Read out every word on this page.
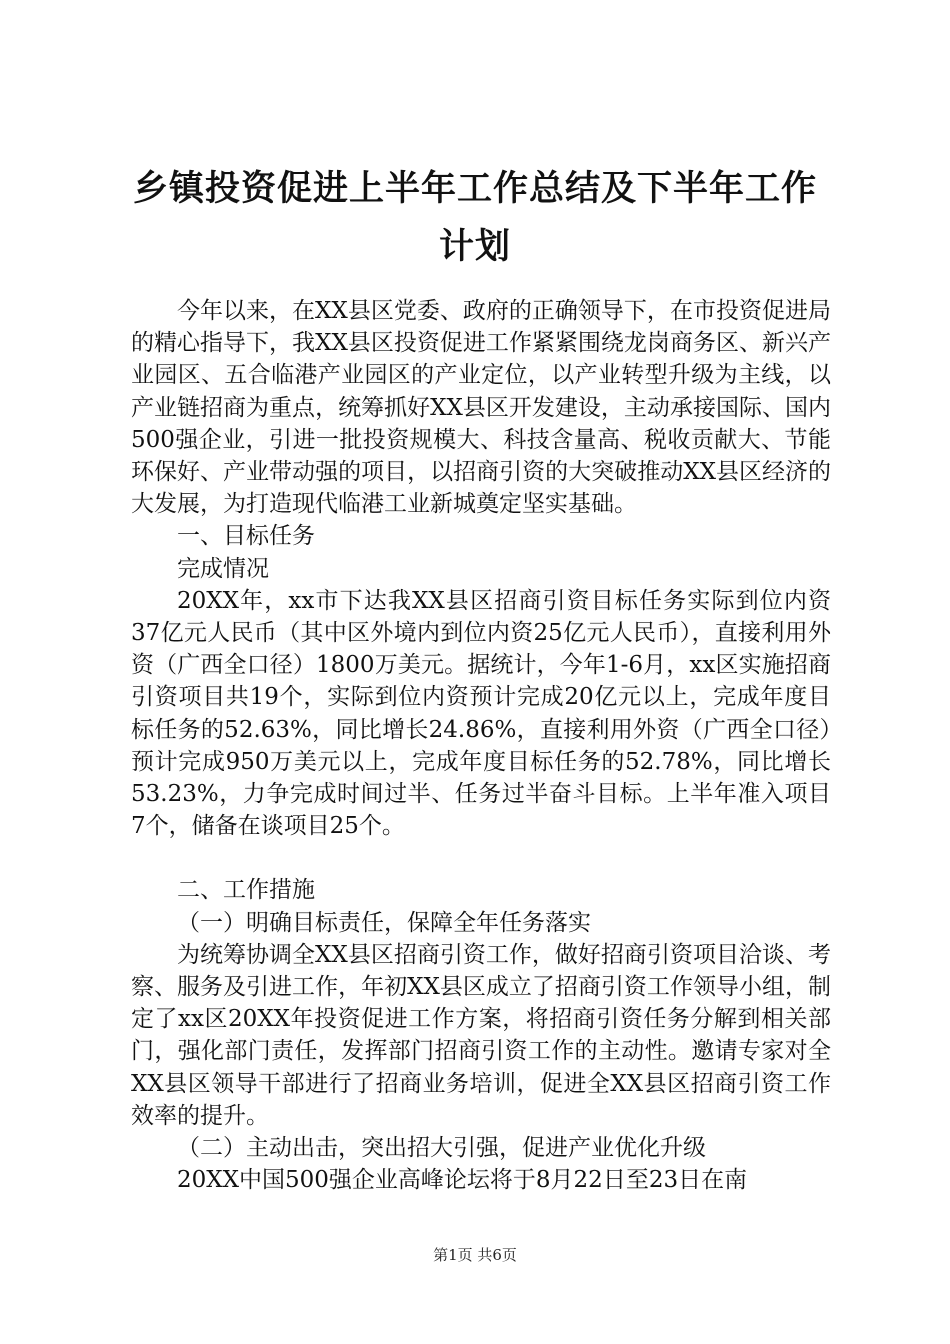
乡镇投资促进上半年工作总结及下半年工作计划

今年以来，在XX县区党委、政府的正确领导下，在市投资促进局的精心指导下，我XX县区投资促进工作紧紧围绕龙岗商务区、新兴产业园区、五合临港产业园区的产业定位，以产业转型升级为主线，以产业链招商为重点，统筹抓好XX县区开发建设，主动承接国际、国内500强企业，引进一批投资规模大、科技含量高、税收贡献大、节能环保好、产业带动强的项目，以招商引资的大突破推动XX县区经济的大发展，为打造现代临港工业新城奠定坚实基础。

一、目标任务

完成情况

20XX年，xx市下达我XX县区招商引资目标任务实际到位内资37亿元人民币（其中区外境内到位内资25亿元人民币），直接利用外资（广西全口径）1800万美元。据统计，今年1-6月，xx区实施招商引资项目共19个，实际到位内资预计完成20亿元以上，完成年度目标任务的52.63%，同比增长24.86%，直接利用外资（广西全口径）预计完成950万美元以上，完成年度目标任务的52.78%，同比增长53.23%，力争完成时间过半、任务过半奋斗目标。上半年准入项目7个，储备在谈项目25个。

二、工作措施

（一）明确目标责任，保障全年任务落实

为统筹协调全XX县区招商引资工作，做好招商引资项目洽谈、考察、服务及引进工作，年初XX县区成立了招商引资工作领导小组，制定了xx区20XX年投资促进工作方案，将招商引资任务分解到相关部门，强化部门责任，发挥部门招商引资工作的主动性。邀请专家对全XX县区领导干部进行了招商业务培训，促进全XX县区招商引资工作效率的提升。

（二）主动出击，突出招大引强，促进产业优化升级

20XX中国500强企业高峰论坛将于8月22日至23日在南

第1页 共6页
